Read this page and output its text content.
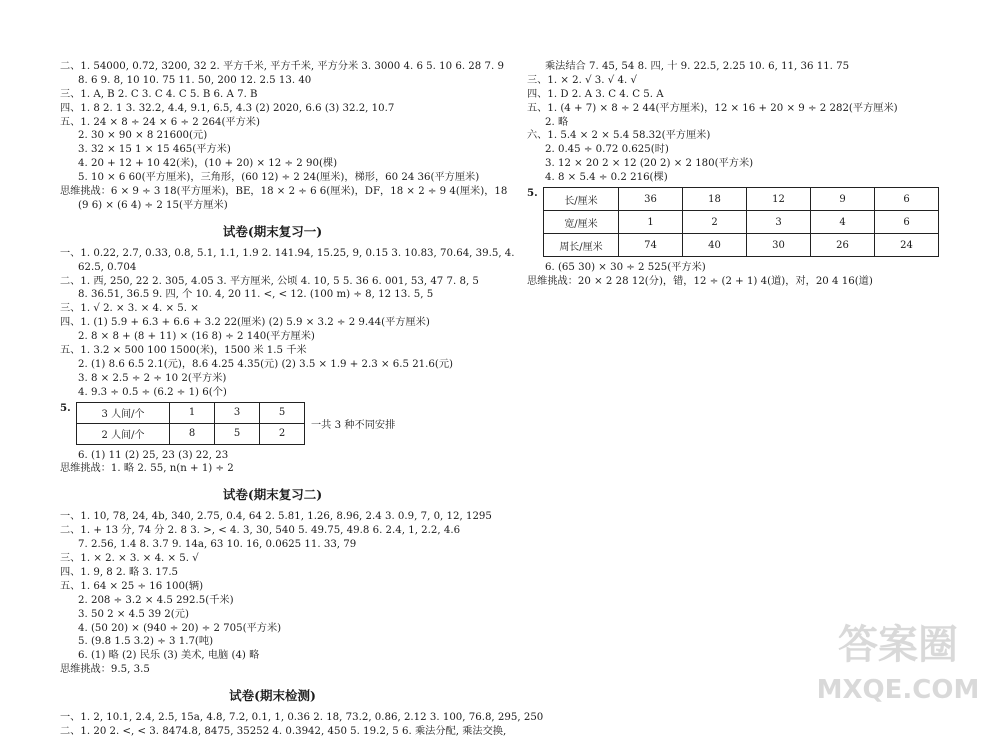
二、1. 54000, 0.72, 3200, 32 2. 平方千米, 平方千米, 平方分米 3. 3000 4. 6 5. 10 6. 28 7. 9
8. 6 9. 8, 10 10. 75 11. 50, 200 12. 2.5 13. 40
三、1. A, B 2. C 3. C 4. C 5. B 6. A 7. B
四、1. 8 2. 1 3. 32.2, 4.4, 9.1, 6.5, 4.3 (2) 2020, 6.6 (3) 32.2, 10.7
五、1. 24 × 8 ÷ 24 × 6 ÷ 2 264(平方米)
2. 30 × 90 × 8 21600(元)
3. 32 × 15 1 × 15 465(平方米)
4. 20 + 12 + 10 42(米)，(10 + 20) × 12 ÷ 2 90(棵)
5. 10 × 6 60(平方厘米)，三角形，(60 12) ÷ 2 24(厘米)，梯形，60 24 36(平方厘米)
思维挑战：6 × 9 ÷ 3 18(平方厘米)，BE，18 × 2 ÷ 6 6(厘米)，DF，18 × 2 ÷ 9 4(厘米)，18
(9 6) × (6 4) ÷ 2 15(平方厘米)
试卷(期末复习一)
一、1. 0.22, 2.7, 0.33, 0.8, 5.1, 1.1, 1.9 2. 141.94, 15.25, 9, 0.15 3. 10.83, 70.64, 39.5, 4.
62.5, 0.704
二、1. 西, 250, 22 2. 305, 4.05 3. 平方厘米, 公顷 4. 10, 5 5. 36 6. 001, 53, 47 7. 8, 5
8. 36.51, 36.5 9. 四, 个 10. 4, 20 11. <, < 12. (100 m) ÷ 8, 12 13. 5, 5
三、1. √ 2. × 3. × 4. × 5. ×
四、1. (1) 5.9 + 6.3 + 6.6 + 3.2 22(厘米) (2) 5.9 × 3.2 ÷ 2 9.44(平方厘米)
2. 8 × 8 + (8 + 11) × (16 8) ÷ 2 140(平方厘米)
五、1. 3.2 × 500 100 1500(米)，1500 米 1.5 千米
2. (1) 8.6 6.5 2.1(元)，8.6 4.25 4.35(元) (2) 3.5 × 1.9 + 2.3 × 6.5 21.6(元)
3. 8 × 2.5 ÷ 2 ÷ 10 2(平方米)
4. 9.3 ÷ 0.5 ÷ (6.2 ÷ 1) 6(个)
5.
3 人间/个	1	3	5
2 人间/个	8	5	2
一共 3 种不同安排
6. (1) 11 (2) 25, 23 (3) 22, 23
思维挑战：1. 略 2. 55, n(n + 1) ÷ 2
试卷(期末复习二)
一、1. 10, 78, 24, 4b, 340, 2.75, 0.4, 64 2. 5.81, 1.26, 8.96, 2.4 3. 0.9, 7, 0, 12, 1295
二、1. + 13 分, 74 分 2. 8 3. >, < 4. 3, 30, 540 5. 49.75, 49.8 6. 2.4, 1, 2.2, 4.6
7. 2.56, 1.4 8. 3.7 9. 14a, 63 10. 16, 0.0625 11. 33, 79
三、1. × 2. × 3. × 4. × 5. √
四、1. 9, 8 2. 略 3. 17.5
五、1. 64 × 25 ÷ 16 100(辆)
2. 208 ÷ 3.2 × 4.5 292.5(千米)
3. 50 2 × 4.5 39 2(元)
4. (50 20) × (940 ÷ 20) ÷ 2 705(平方米)
5. (9.8 1.5 3.2) ÷ 3 1.7(吨)
6. (1) 略 (2) 民乐 (3) 美术, 电脑 (4) 略
思维挑战：9.5, 3.5
试卷(期末检测)
一、1. 2, 10.1, 2.4, 2.5, 15a, 4.8, 7.2, 0.1, 1, 0.36 2. 18, 73.2, 0.86, 2.12 3. 100, 76.8, 295, 250
二、1. 20 2. <, < 3. 8474.8, 8475, 35252 4. 0.3942, 450 5. 19.2, 5 6. 乘法分配, 乘法交换,
乘法结合 7. 45, 54 8. 四, 十 9. 22.5, 2.25 10. 6, 11, 36 11. 75
三、1. × 2. √ 3. √ 4. √
四、1. D 2. A 3. C 4. C 5. A
五、1. (4 + 7) × 8 ÷ 2 44(平方厘米)，12 × 16 + 20 × 9 ÷ 2 282(平方厘米)
2. 略
六、1. 5.4 × 2 × 5.4 58.32(平方厘米)
2. 0.45 ÷ 0.72 0.625(时)
3. 12 × 20 2 × 12 (20 2) × 2 180(平方米)
4. 8 × 5.4 ÷ 0.2 216(棵)
5.
长/厘米	36	18	12	9	6
宽/厘米	1	2	3	4	6
周长/厘米	74	40	30	26	24
6. (65 30) × 30 ÷ 2 525(平方米)
思维挑战：20 × 2 28 12(分)，错，12 ÷ (2 + 1) 4(道)，对，20 4 16(道)
答案圈
MXQE.COM
